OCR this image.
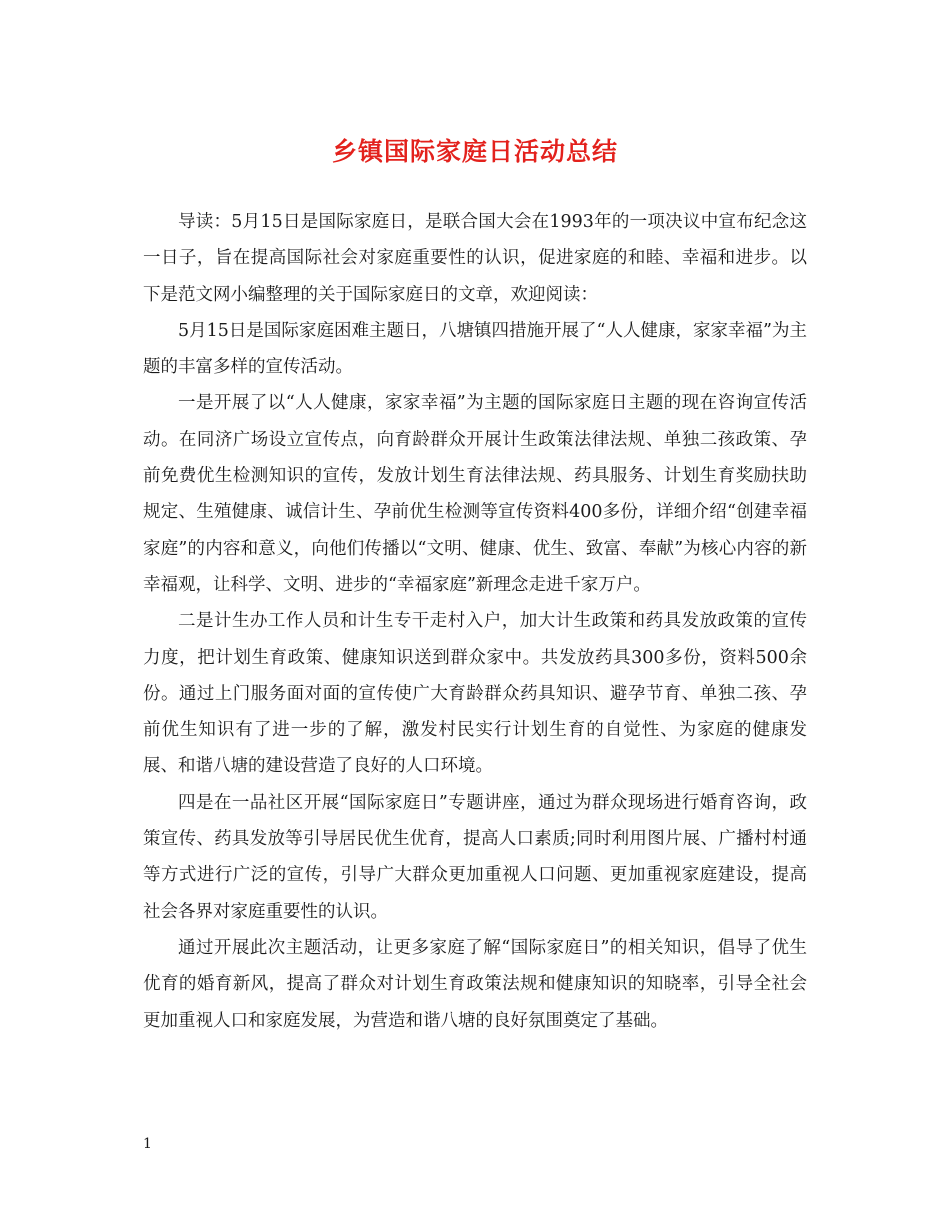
乡镇国际家庭日活动总结

导读：5月15日是国际家庭日，是联合国大会在1993年的一项决议中宣布纪念这一日子，旨在提高国际社会对家庭重要性的认识，促进家庭的和睦、幸福和进步。以下是范文网小编整理的关于国际家庭日的文章，欢迎阅读：

5月15日是国际家庭困难主题日，八塘镇四措施开展了“人人健康，家家幸福”为主题的丰富多样的宣传活动。

一是开展了以“人人健康，家家幸福”为主题的国际家庭日主题的现在咨询宣传活动。在同济广场设立宣传点，向育龄群众开展计生政策法律法规、单独二孩政策、孕前免费优生检测知识的宣传，发放计划生育法律法规、药具服务、计划生育奖励扶助规定、生殖健康、诚信计生、孕前优生检测等宣传资料400多份，详细介绍“创建幸福家庭”的内容和意义，向他们传播以“文明、健康、优生、致富、奉献”为核心内容的新幸福观，让科学、文明、进步的“幸福家庭”新理念走进千家万户。

二是计生办工作人员和计生专干走村入户，加大计生政策和药具发放政策的宣传力度，把计划生育政策、健康知识送到群众家中。共发放药具300多份，资料500余份。通过上门服务面对面的宣传使广大育龄群众药具知识、避孕节育、单独二孩、孕前优生知识有了进一步的了解，激发村民实行计划生育的自觉性、为家庭的健康发展、和谐八塘的建设营造了良好的人口环境。

四是在一品社区开展“国际家庭日”专题讲座，通过为群众现场进行婚育咨询，政策宣传、药具发放等引导居民优生优育，提高人口素质;同时利用图片展、广播村村通等方式进行广泛的宣传，引导广大群众更加重视人口问题、更加重视家庭建设，提高社会各界对家庭重要性的认识。

通过开展此次主题活动，让更多家庭了解“国际家庭日”的相关知识，倡导了优生优育的婚育新风，提高了群众对计划生育政策法规和健康知识的知晓率，引导全社会更加重视人口和家庭发展，为营造和谐八塘的良好氛围奠定了基础。

1
